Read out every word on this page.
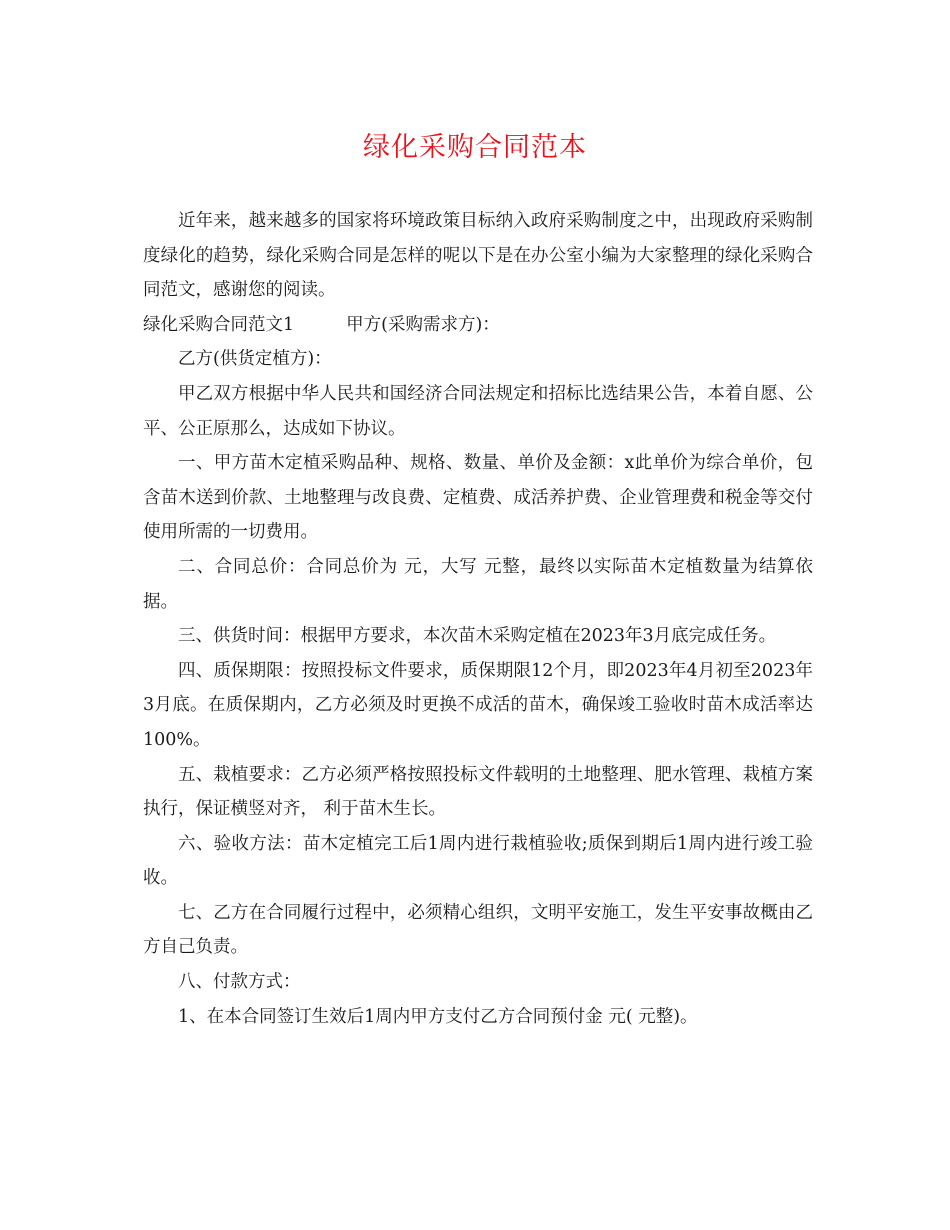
绿化采购合同范本

近年来，越来越多的国家将环境政策目标纳入政府采购制度之中，出现政府采购制度绿化的趋势，绿化采购合同是怎样的呢以下是在办公室小编为大家整理的绿化采购合同范文，感谢您的阅读。

绿化采购合同范文1	甲方(采购需求方)：

乙方(供货定植方)：

甲乙双方根据中华人民共和国经济合同法规定和招标比选结果公告，本着自愿、公平、公正原那么，达成如下协议。

一、甲方苗木定植采购品种、规格、数量、单价及金额：x此单价为综合单价，包含苗木送到价款、土地整理与改良费、定植费、成活养护费、企业管理费和税金等交付使用所需的一切费用。

二、合同总价：合同总价为 元，大写 元整，最终以实际苗木定植数量为结算依据。

三、供货时间：根据甲方要求，本次苗木采购定植在2023年3月底完成任务。

四、质保期限：按照投标文件要求，质保期限12个月，即2023年4月初至2023年3月底。在质保期内，乙方必须及时更换不成活的苗木，确保竣工验收时苗木成活率达100%。

五、栽植要求：乙方必须严格按照投标文件载明的土地整理、肥水管理、栽植方案执行，保证横竖对齐， 利于苗木生长。

六、验收方法：苗木定植完工后1周内进行栽植验收;质保到期后1周内进行竣工验收。

七、乙方在合同履行过程中，必须精心组织，文明平安施工，发生平安事故概由乙方自己负责。

八、付款方式：

1、在本合同签订生效后1周内甲方支付乙方合同预付金 元( 元整)。
